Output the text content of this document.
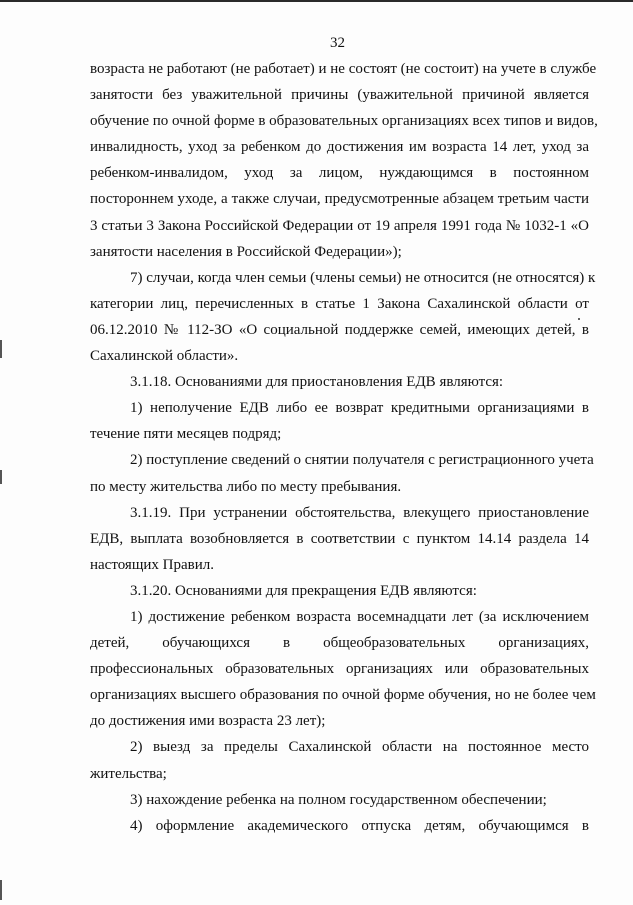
32
возраста не работают (не работает) и не состоят (не состоит) на учете в службе
занятости без уважительной причины (уважительной причиной является
обучение по очной форме в образовательных организациях всех типов и видов,
инвалидность, уход за ребенком до достижения им возраста 14 лет, уход за
ребенком-инвалидом, уход за лицом, нуждающимся в постоянном
постороннем уходе, а также случаи, предусмотренные абзацем третьим части
3 статьи 3 Закона Российской Федерации от 19 апреля 1991 года № 1032-1 «О
занятости населения в Российской Федерации»);
7) случаи, когда член семьи (члены семьи) не относится (не относятся) к
категории лиц, перечисленных в статье 1 Закона Сахалинской области от
06.12.2010 № 112-ЗО «О социальной поддержке семей, имеющих детей, в
Сахалинской области».
3.1.18. Основаниями для приостановления ЕДВ являются:
1) неполучение ЕДВ либо ее возврат кредитными организациями в
течение пяти месяцев подряд;
2) поступление сведений о снятии получателя с регистрационного учета
по месту жительства либо по месту пребывания.
3.1.19. При устранении обстоятельства, влекущего приостановление
ЕДВ, выплата возобновляется в соответствии с пунктом 14.14 раздела 14
настоящих Правил.
3.1.20. Основаниями для прекращения ЕДВ являются:
1) достижение ребенком возраста восемнадцати лет (за исключением
детей, обучающихся в общеобразовательных организациях,
профессиональных образовательных организациях или образовательных
организациях высшего образования по очной форме обучения, но не более чем
до достижения ими возраста 23 лет);
2) выезд за пределы Сахалинской области на постоянное место
жительства;
3) нахождение ребенка на полном государственном обеспечении;
4) оформление академического отпуска детям, обучающимся в
